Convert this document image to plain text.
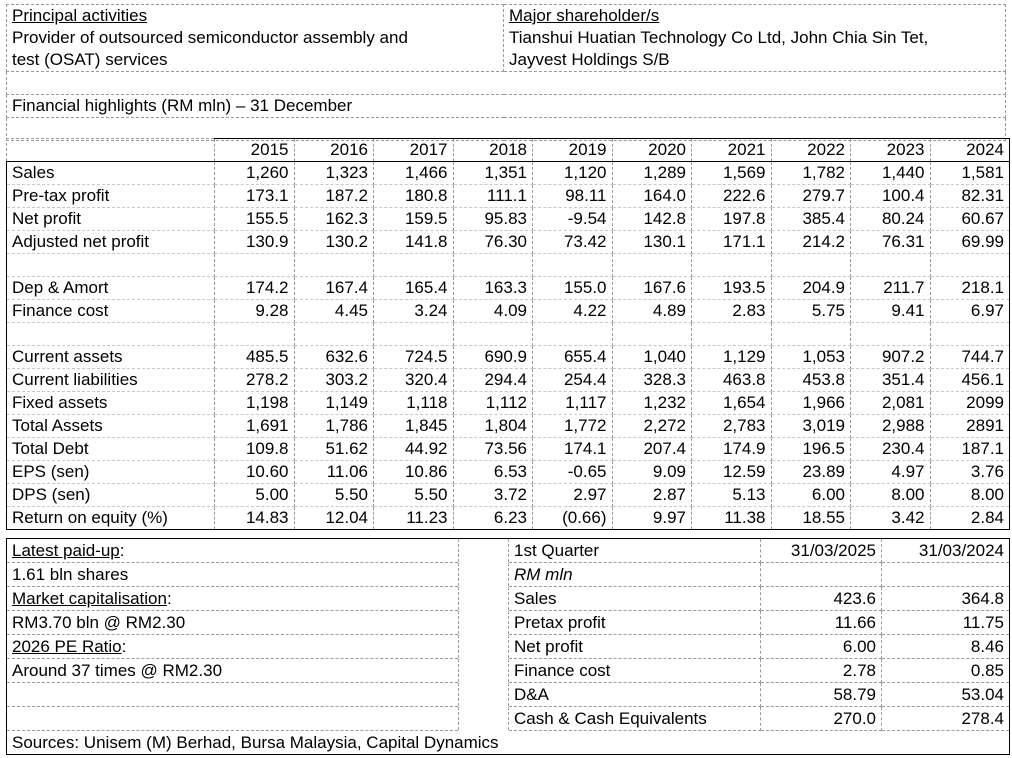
Principal activities
Provider of outsourced semiconductor assembly and
test (OSAT) services

Major shareholder/s
Tianshui Huatian Technology Co Ltd, John Chia Sin Tet,
Jayvest Holdings S/B

Financial highlights (RM mln) – 31 December

	2015	2016	2017	2018	2019	2020	2021	2022	2023	2024
Sales	1,260	1,323	1,466	1,351	1,120	1,289	1,569	1,782	1,440	1,581
Pre-tax profit	173.1	187.2	180.8	111.1	98.11	164.0	222.6	279.7	100.4	82.31
Net profit	155.5	162.3	159.5	95.83	-9.54	142.8	197.8	385.4	80.24	60.67
Adjusted net profit	130.9	130.2	141.8	76.30	73.42	130.1	171.1	214.2	76.31	69.99

Dep & Amort	174.2	167.4	165.4	163.3	155.0	167.6	193.5	204.9	211.7	218.1
Finance cost	9.28	4.45	3.24	4.09	4.22	4.89	2.83	5.75	9.41	6.97

Current assets	485.5	632.6	724.5	690.9	655.4	1,040	1,129	1,053	907.2	744.7
Current liabilities	278.2	303.2	320.4	294.4	254.4	328.3	463.8	453.8	351.4	456.1
Fixed assets	1,198	1,149	1,118	1,112	1,117	1,232	1,654	1,966	2,081	2099
Total Assets	1,691	1,786	1,845	1,804	1,772	2,272	2,783	3,019	2,988	2891
Total Debt	109.8	51.62	44.92	73.56	174.1	207.4	174.9	196.5	230.4	187.1
EPS (sen)	10.60	11.06	10.86	6.53	-0.65	9.09	12.59	23.89	4.97	3.76
DPS (sen)	5.00	5.50	5.50	3.72	2.97	2.87	5.13	6.00	8.00	8.00
Return on equity (%)	14.83	12.04	11.23	6.23	(0.66)	9.97	11.38	18.55	3.42	2.84
Latest paid-up:		1st Quarter	31/03/2025	31/03/2024
1.61 bln shares		RM mln		
Market capitalisation:		Sales	423.6	364.8
RM3.70 bln @ RM2.30		Pretax profit	11.66	11.75
2026 PE Ratio:		Net profit	6.00	8.46
Around 37 times @ RM2.30		Finance cost	2.78	0.85
		D&A	58.79	53.04
		Cash & Cash Equivalents	270.0	278.4
Sources: Unisem (M) Berhad, Bursa Malaysia, Capital Dynamics				
